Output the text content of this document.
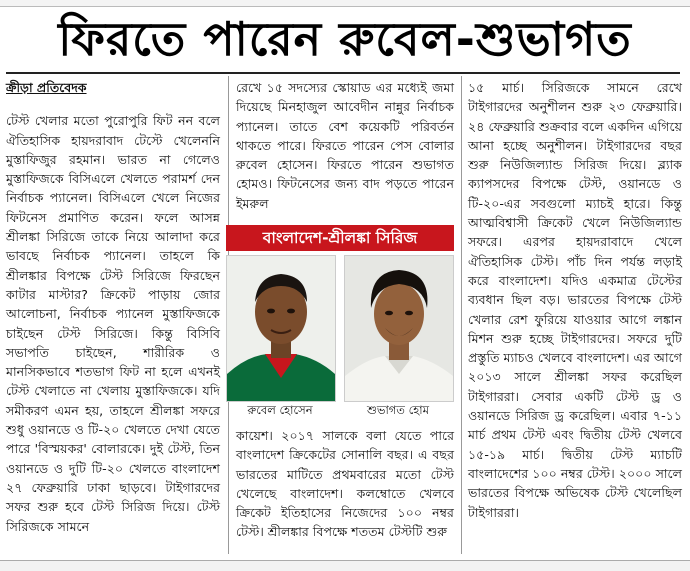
ফিরতে পারেন রুবেল-শুভাগত

ক্রীড়া প্রতিবেদক

টেস্ট খেলার মতো পুরোপুরি ফিট নন বলে ঐতিহাসিক হায়দরাবাদ টেস্টে খেলেননি মুস্তাফিজুর রহমান। ভারত না গেলেও মুস্তাফিজকে বিসিএলে খেলতে পরামর্শ দেন নির্বাচক প্যানেল। বিসিএলে খেলে নিজের ফিটনেস প্রমাণিত করেন। ফলে আসন্ন শ্রীলঙ্কা সিরিজে তাকে নিয়ে আলাদা করে ভাবছে নির্বাচক প্যানেল। তাহলে কি শ্রীলঙ্কার বিপক্ষে টেস্ট সিরিজে ফিরছেন কাটার মাস্টার? ক্রিকেট পাড়ায় জোর আলোচনা, নির্বাচক প্যানেল মুস্তাফিজকে চাইছেন টেস্ট সিরিজে। কিন্তু বিসিবি সভাপতি চাইছেন, শারীরিক ও মানসিকভাবে শতভাগ ফিট না হলে এখনই টেস্ট খেলাতে না খেলায় মুস্তাফিজকে। যদি সমীকরণ এমন হয়, তাহলে শ্রীলঙ্কা সফরে শুধু ওয়ানডে ও টি-২০ খেলতে দেখা যেতে পারে 'বিস্ময়কর' বোলারকে। দুই টেস্ট, তিন ওয়ানডে ও দুটি টি-২০ খেলতে বাংলাদেশ ২৭ ফেব্রুয়ারি ঢাকা ছাড়বে। টাইগারদের সফর শুরু হবে টেস্ট সিরিজ দিয়ে। টেস্ট সিরিজকে সামনে

রেখে ১৫ সদস্যের স্কোয়াড এর মধ্যেই জমা দিয়েছে মিনহাজুল আবেদীন নান্নুর নির্বাচক প্যানেল। তাতে বেশ কয়েকটি পরিবর্তন থাকতে পারে। ফিরতে পারেন পেস বোলার রুবেল হোসেন। ফিরতে পারেন শুভাগত হোমও। ফিটনেসের জন্য বাদ পড়তে পারেন ইমরুল

বাংলাদেশ-শ্রীলঙ্কা সিরিজ
রুবেল হোসেন	শুভাগত হোম

কায়েশ। ২০১৭ সালকে বলা যেতে পারে বাংলাদেশ ক্রিকেটের সোনালি বছর। এ বছর ভারতের মাটিতে প্রথমবারের মতো টেস্ট খেলেছে বাংলাদেশ। কলম্বোতে খেলবে ক্রিকেট ইতিহাসের নিজেদের ১০০ নম্বর টেস্ট। শ্রীলঙ্কার বিপক্ষে শততম টেস্টটি শুরু

১৫ মার্চ। সিরিজকে সামনে রেখে টাইগারদের অনুশীলন শুরু ২৩ ফেব্রুয়ারি। ২৪ ফেব্রুয়ারি শুক্রবার বলে একদিন এগিয়ে আনা হচ্ছে অনুশীলন। টাইগারদের বছর শুরু নিউজিল্যান্ড সিরিজ দিয়ে। ব্ল্যাক ক্যাপসদের বিপক্ষে টেস্ট, ওয়ানডে ও টি-২০-এর সবগুলো ম্যাচই হারে। কিন্তু আত্মবিশ্বাসী ক্রিকেট খেলে নিউজিল্যান্ড সফরে। এরপর হায়দরাবাদে খেলে ঐতিহাসিক টেস্ট। পাঁচ দিন পর্যন্ত লড়াই করে বাংলাদেশ। যদিও একমাত্র টেস্টের ব্যবধান ছিল বড়। ভারতের বিপক্ষে টেস্ট খেলার রেশ ফুরিয়ে যাওয়ার আগে লঙ্কান মিশন শুরু হচ্ছে টাইগারদের। সফরে দুটি প্রস্তুতি ম্যাচও খেলবে বাংলাদেশ। এর আগে ২০১৩ সালে শ্রীলঙ্কা সফর করেছিল টাইগাররা। সেবার একটি টেস্ট ড্র ও ওয়ানডে সিরিজ ড্র করেছিল। এবার ৭-১১ মার্চ প্রথম টেস্ট এবং দ্বিতীয় টেস্ট খেলবে ১৫-১৯ মার্চ। দ্বিতীয় টেস্ট ম্যাচটি বাংলাদেশের ১০০ নম্বর টেস্ট। ২০০০ সালে ভারতের বিপক্ষে অভিষেক টেস্ট খেলেছিল টাইগাররা।
